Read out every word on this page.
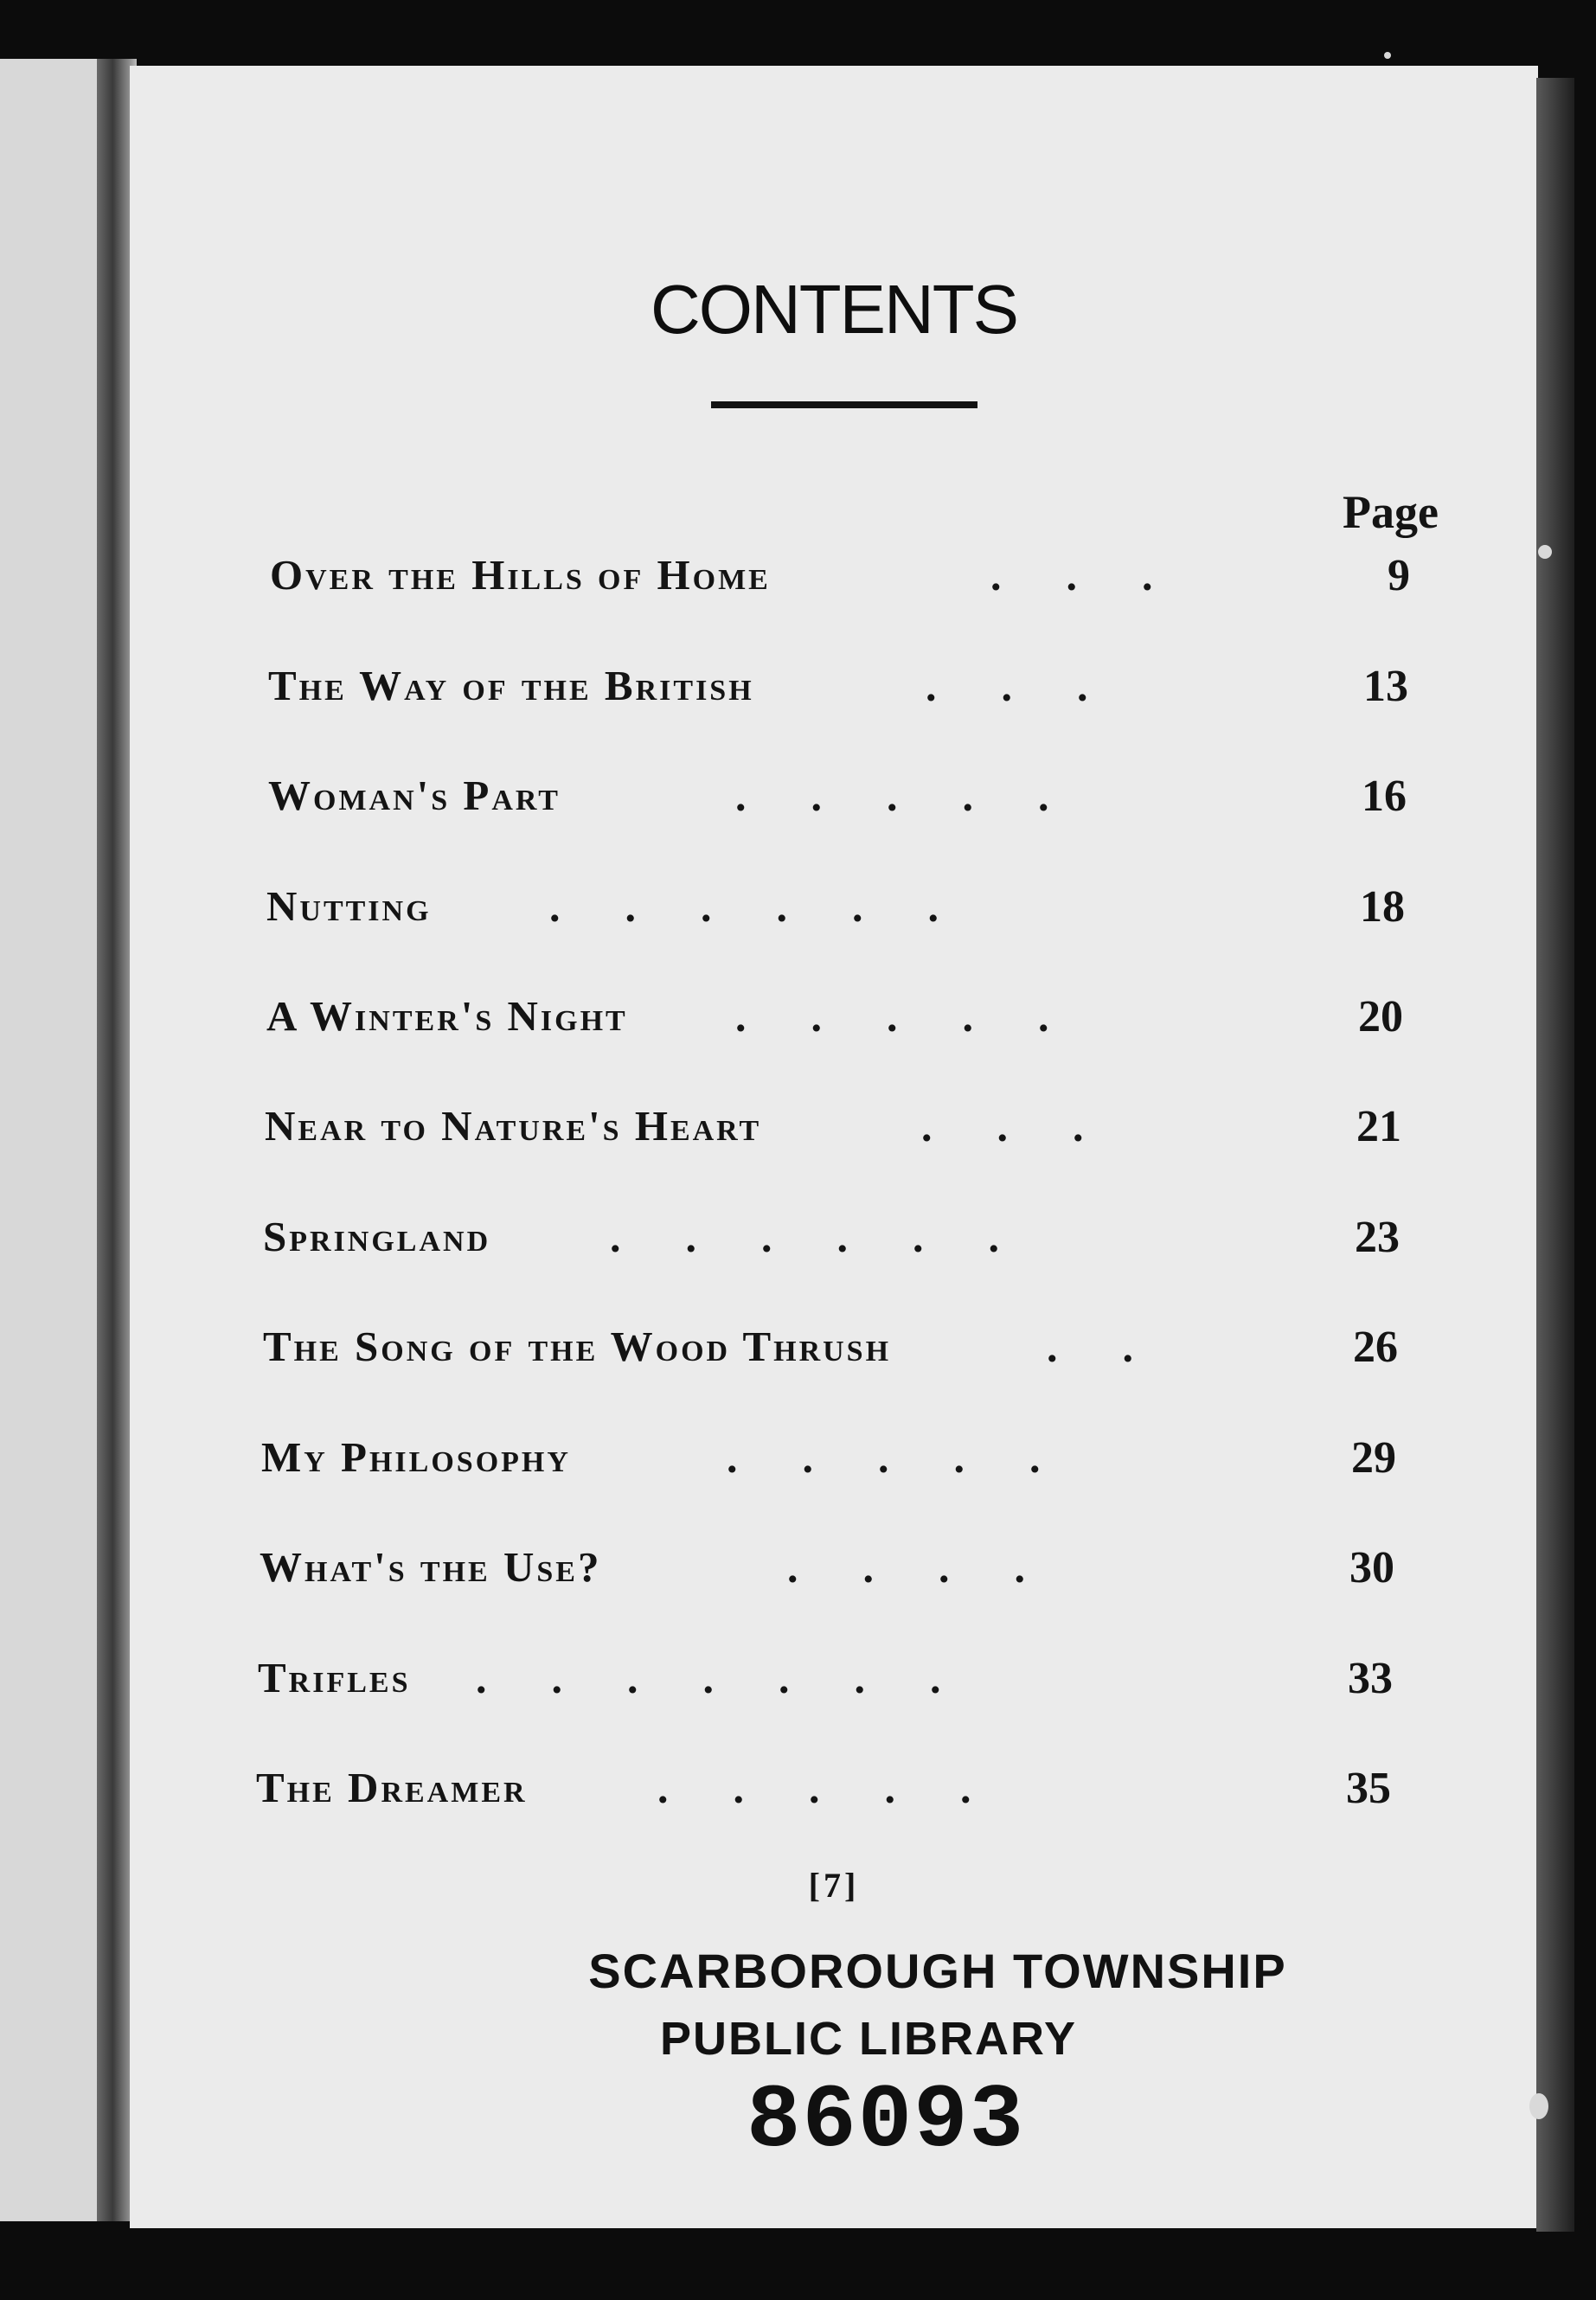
CONTENTS
Page
Over the Hills of Home	.      .      .	9
The Way of the British	.      .      .	13
Woman's Part	.      .      .      .      .	16
Nutting	.      .      .      .      .      .	18
A Winter's Night .      .      .      .      .	20
Near to Nature's Heart	.      .      .	21
Springland	.      .      .      .      .      .	23
The Song of the Wood Thrush	.      .	26
My Philosophy	.      .      .      .      .	29
What's the Use?	.      .      .      .	30
Trifles .      .      .      .      .      .      .	33
The Dreamer	.      .      .      .      .	35
[7]
SCARBOROUGH TOWNSHIP
PUBLIC LIBRARY
86093
